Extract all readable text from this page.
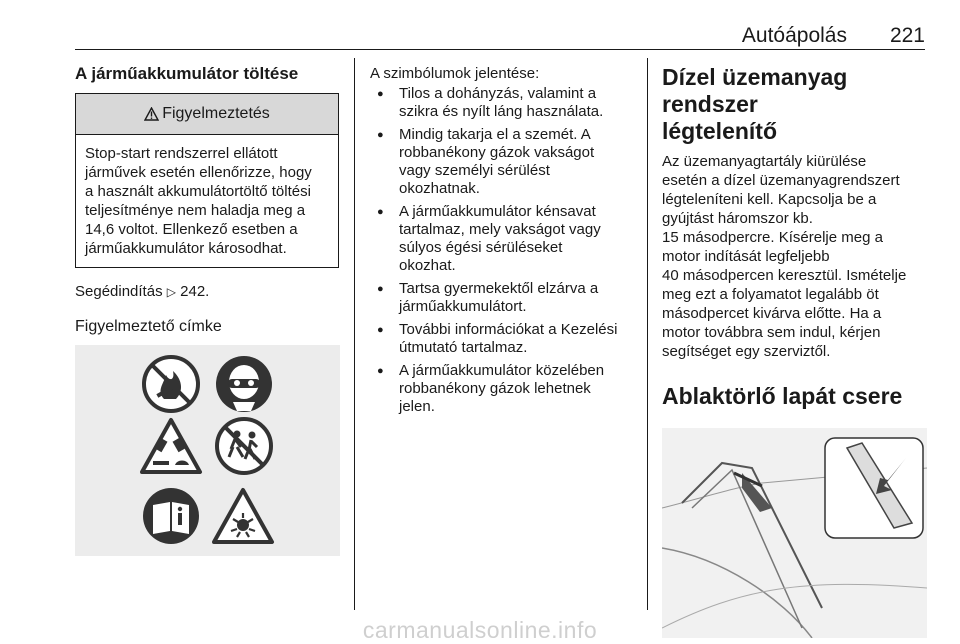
Autóápolás 221
A járműakkumulátor töltése
Figyelmeztetés
Stop-start rendszerrel ellátott
járművek esetén ellenőrizze, hogy
a használt akkumulátortöltő töltési
teljesítménye nem haladja meg a
14,6 voltot. Ellenkező esetben a
járműakkumulátor károsodhat.
Segédindítás ▷ 242.
Figyelmeztető címke
A szimbólumok jelentése:
● Tilos a dohányzás, valamint a
szikra és nyílt láng használata.
● Mindig takarja el a szemét. A
robbanékony gázok vakságot
vagy személyi sérülést
okozhatnak.
● A járműakkumulátor kénsavat
tartalmaz, mely vakságot vagy
súlyos égési sérüléseket
okozhat.
● Tartsa gyermekektől elzárva a
járműakkumulátort.
● További információkat a Kezelési
útmutató tartalmaz.
● A járműakkumulátor közelében
robbanékony gázok lehetnek
jelen.
Dízel üzemanyag rendszer
légtelenítő
Az üzemanyagtartály kiürülése
esetén a dízel üzemanyagrendszert
légteleníteni kell. Kapcsolja be a
gyújtást háromszor kb.
15 másodpercre. Kísérelje meg a
motor indítását legfeljebb
40 másodpercen keresztül. Ismételje
meg ezt a folyamatot legalább öt
másodpercet kivárva előtte. Ha a
motor továbbra sem indul, kérjen
segítséget egy szerviztől.
Ablaktörlő lapát csere
carmanualsonline.info
